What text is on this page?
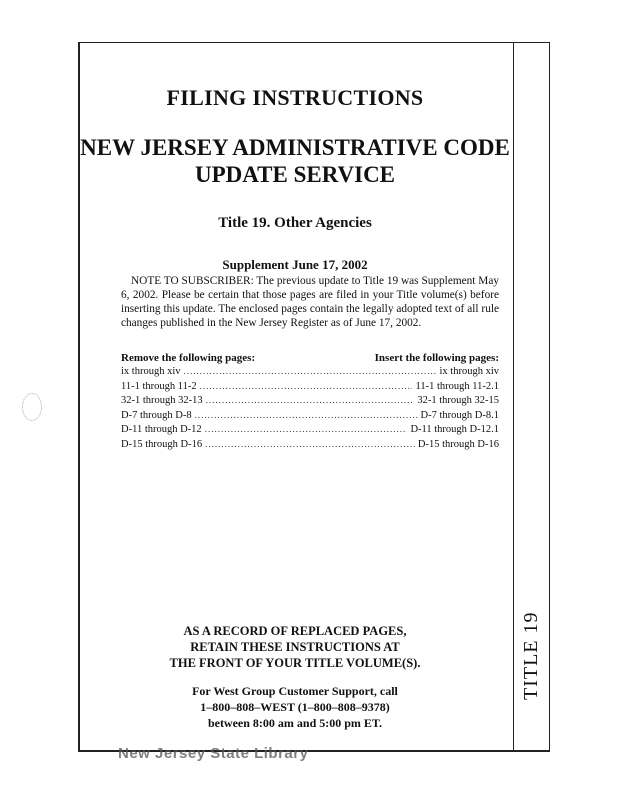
FILING INSTRUCTIONS
NEW JERSEY ADMINISTRATIVE CODE
UPDATE SERVICE
Title 19. Other Agencies
Supplement June 17, 2002
NOTE TO SUBSCRIBER: The previous update to Title 19 was Supplement May 6, 2002. Please be certain that those pages are filed in your Title volume(s) before inserting this update. The enclosed pages contain the legally adopted text of all rule changes published in the New Jersey Register as of June 17, 2002.
Remove the following pages:	Insert the following pages:
ix through xiv .....	ix through xiv
11-1 through 11-2 .....	11-1 through 11-2.1
32-1 through 32-13 .....	32-1 through 32-15
D-7 through D-8 .....	D-7 through D-8.1
D-11 through D-12 .....	D-11 through D-12.1
D-15 through D-16 .....	D-15 through D-16
AS A RECORD OF REPLACED PAGES,
RETAIN THESE INSTRUCTIONS AT
THE FRONT OF YOUR TITLE VOLUME(S).
For West Group Customer Support, call
1–800–808–WEST (1–800–808–9378)
between 8:00 am and 5:00 pm ET.
TITLE 19
New Jersey State Library
